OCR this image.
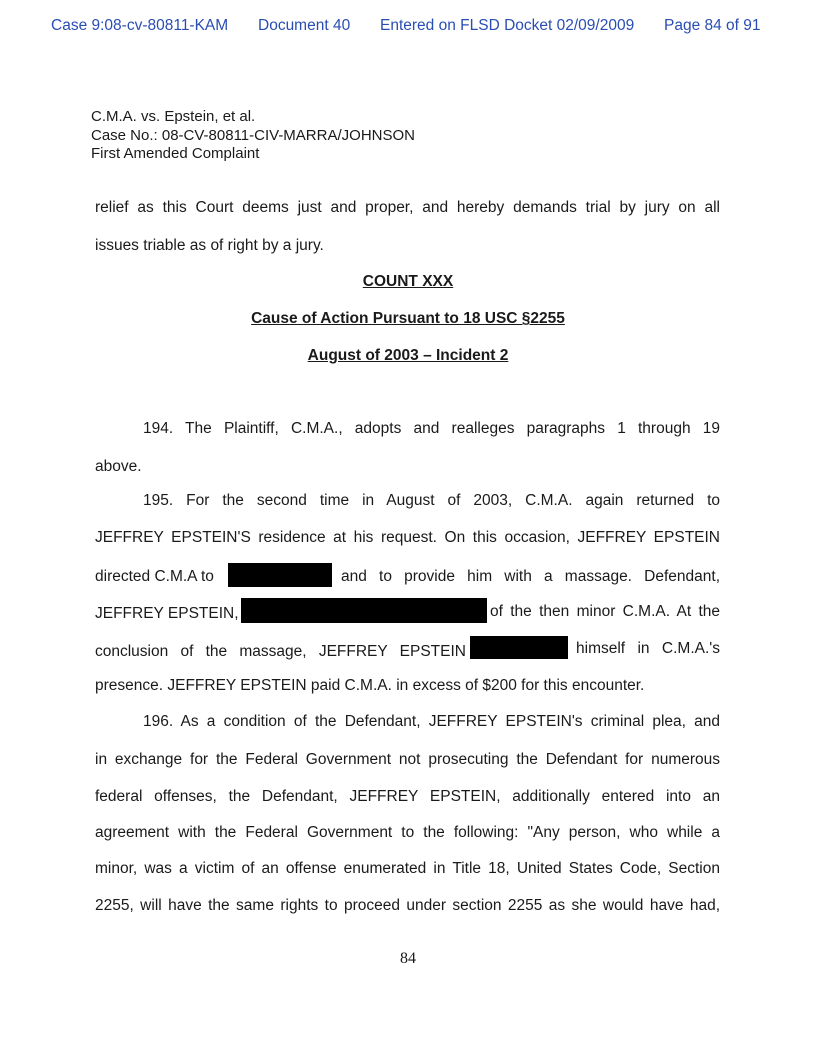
Case 9:08-cv-80811-KAM Document 40 Entered on FLSD Docket 02/09/2009 Page 84 of 91
C.M.A. vs. Epstein, et al.
Case No.: 08-CV-80811-CIV-MARRA/JOHNSON
First Amended Complaint
relief as this Court deems just and proper, and hereby demands trial by jury on all
issues triable as of right by a jury.
COUNT XXX
Cause of Action Pursuant to 18 USC §2255
August of 2003 – Incident 2
194. The Plaintiff, C.M.A., adopts and realleges paragraphs 1 through 19
above.
195. For the second time in August of 2003, C.M.A. again returned to
JEFFREY EPSTEIN'S residence at his request. On this occasion, JEFFREY EPSTEIN
directed C.M.A to	and to provide him with a massage. Defendant,
JEFFREY EPSTEIN,	of the then minor C.M.A. At the
conclusion of the massage, JEFFREY EPSTEIN	himself in C.M.A.'s
presence. JEFFREY EPSTEIN paid C.M.A. in excess of $200 for this encounter.
196. As a condition of the Defendant, JEFFREY EPSTEIN's criminal plea, and
in exchange for the Federal Government not prosecuting the Defendant for numerous
federal offenses, the Defendant, JEFFREY EPSTEIN, additionally entered into an
agreement with the Federal Government to the following: "Any person, who while a
minor, was a victim of an offense enumerated in Title 18, United States Code, Section
2255, will have the same rights to proceed under section 2255 as she would have had,
84
